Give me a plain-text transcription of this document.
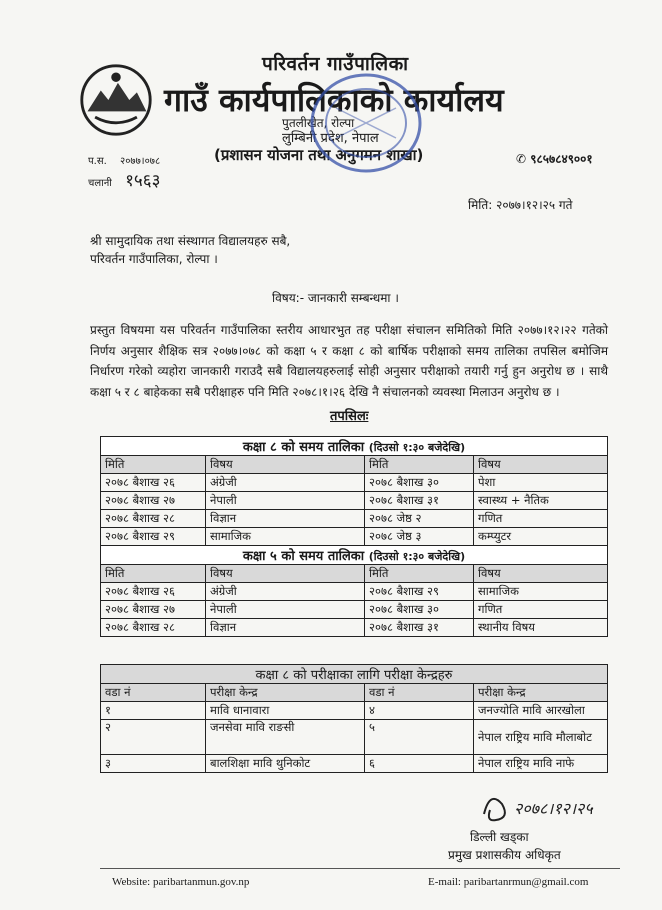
परिवर्तन गाउँपालिका
गाउँ कार्यपालिकाको कार्यालय
पुतलीखेत, रोल्पा
लुम्बिनी प्रदेश, नेपाल
(प्रशासन योजना तथा अनुगमन शाखा)
प.स. २०७७।०७८
चलानी १५६३
✆ ९८५७८४९००१
मिति: २०७७।१२।२५ गते
श्री सामुदायिक तथा संस्थागत विद्यालयहरु सबै,
परिवर्तन गाउँपालिका, रोल्पा ।
विषय:- जानकारी सम्बन्धमा ।
प्रस्तुत विषयमा यस परिवर्तन गाउँपालिका स्तरीय आधारभुत तह परीक्षा संचालन समितिको मिति २०७७।१२।२२ गतेको निर्णय अनुसार शैक्षिक सत्र २०७७।०७८ को कक्षा ५ र कक्षा ८ को बार्षिक परीक्षाको समय तालिका तपसिल बमोजिम निर्धारण गरेको व्यहोरा जानकारी गराउदै सबै विद्यालयहरुलाई सोही अनुसार परीक्षाको तयारी गर्नु हुन अनुरोध छ । साथै कक्षा ५ र ८ बाहेकका सबै परीक्षाहरु पनि मिति २०७८।१।२६ देखि नै संचालनको व्यवस्था मिलाउन अनुरोध छ ।
तपसिलः
कक्षा ८ को समय तालिका (दिउसो १:३० बजेदेखि)			
मिति	विषय	मिति	विषय
२०७८ बैशाख २६	अंग्रेजी	२०७८ बैशाख ३०	पेशा
२०७८ बैशाख २७	नेपाली	२०७८ बैशाख ३१	स्वास्थ्य + नैतिक
२०७८ बैशाख २८	विज्ञान	२०७८ जेष्ठ २	गणित
२०७८ बैशाख २९	सामाजिक	२०७८ जेष्ठ ३	कम्प्युटर
कक्षा ५ को समय तालिका (दिउसो १:३० बजेदेखि)			
मिति	विषय	मिति	विषय
२०७८ बैशाख २६	अंग्रेजी	२०७८ बैशाख २९	सामाजिक
२०७८ बैशाख २७	नेपाली	२०७८ बैशाख ३०	गणित
२०७८ बैशाख २८	विज्ञान	२०७८ बैशाख ३१	स्थानीय विषय
कक्षा ८ को परीक्षाका लागि परीक्षा केन्द्रहरु			
वडा नं	परीक्षा केन्द्र	वडा नं	परीक्षा केन्द्र
१	मावि धानावारा	४	जनज्योति मावि आरखोला
२	जनसेवा मावि राङसी	५	नेपाल राष्ट्रिय मावि मौलाबोट
३	बालशिक्षा मावि थुनिकोट	६	नेपाल राष्ट्रिय मावि नाफे
२०७८।१२।२५
डिल्ली खड्का
प्रमुख प्रशासकीय अधिकृत
Website: paribartanmun.gov.np	E-mail: paribartanrmun@gmail.com
